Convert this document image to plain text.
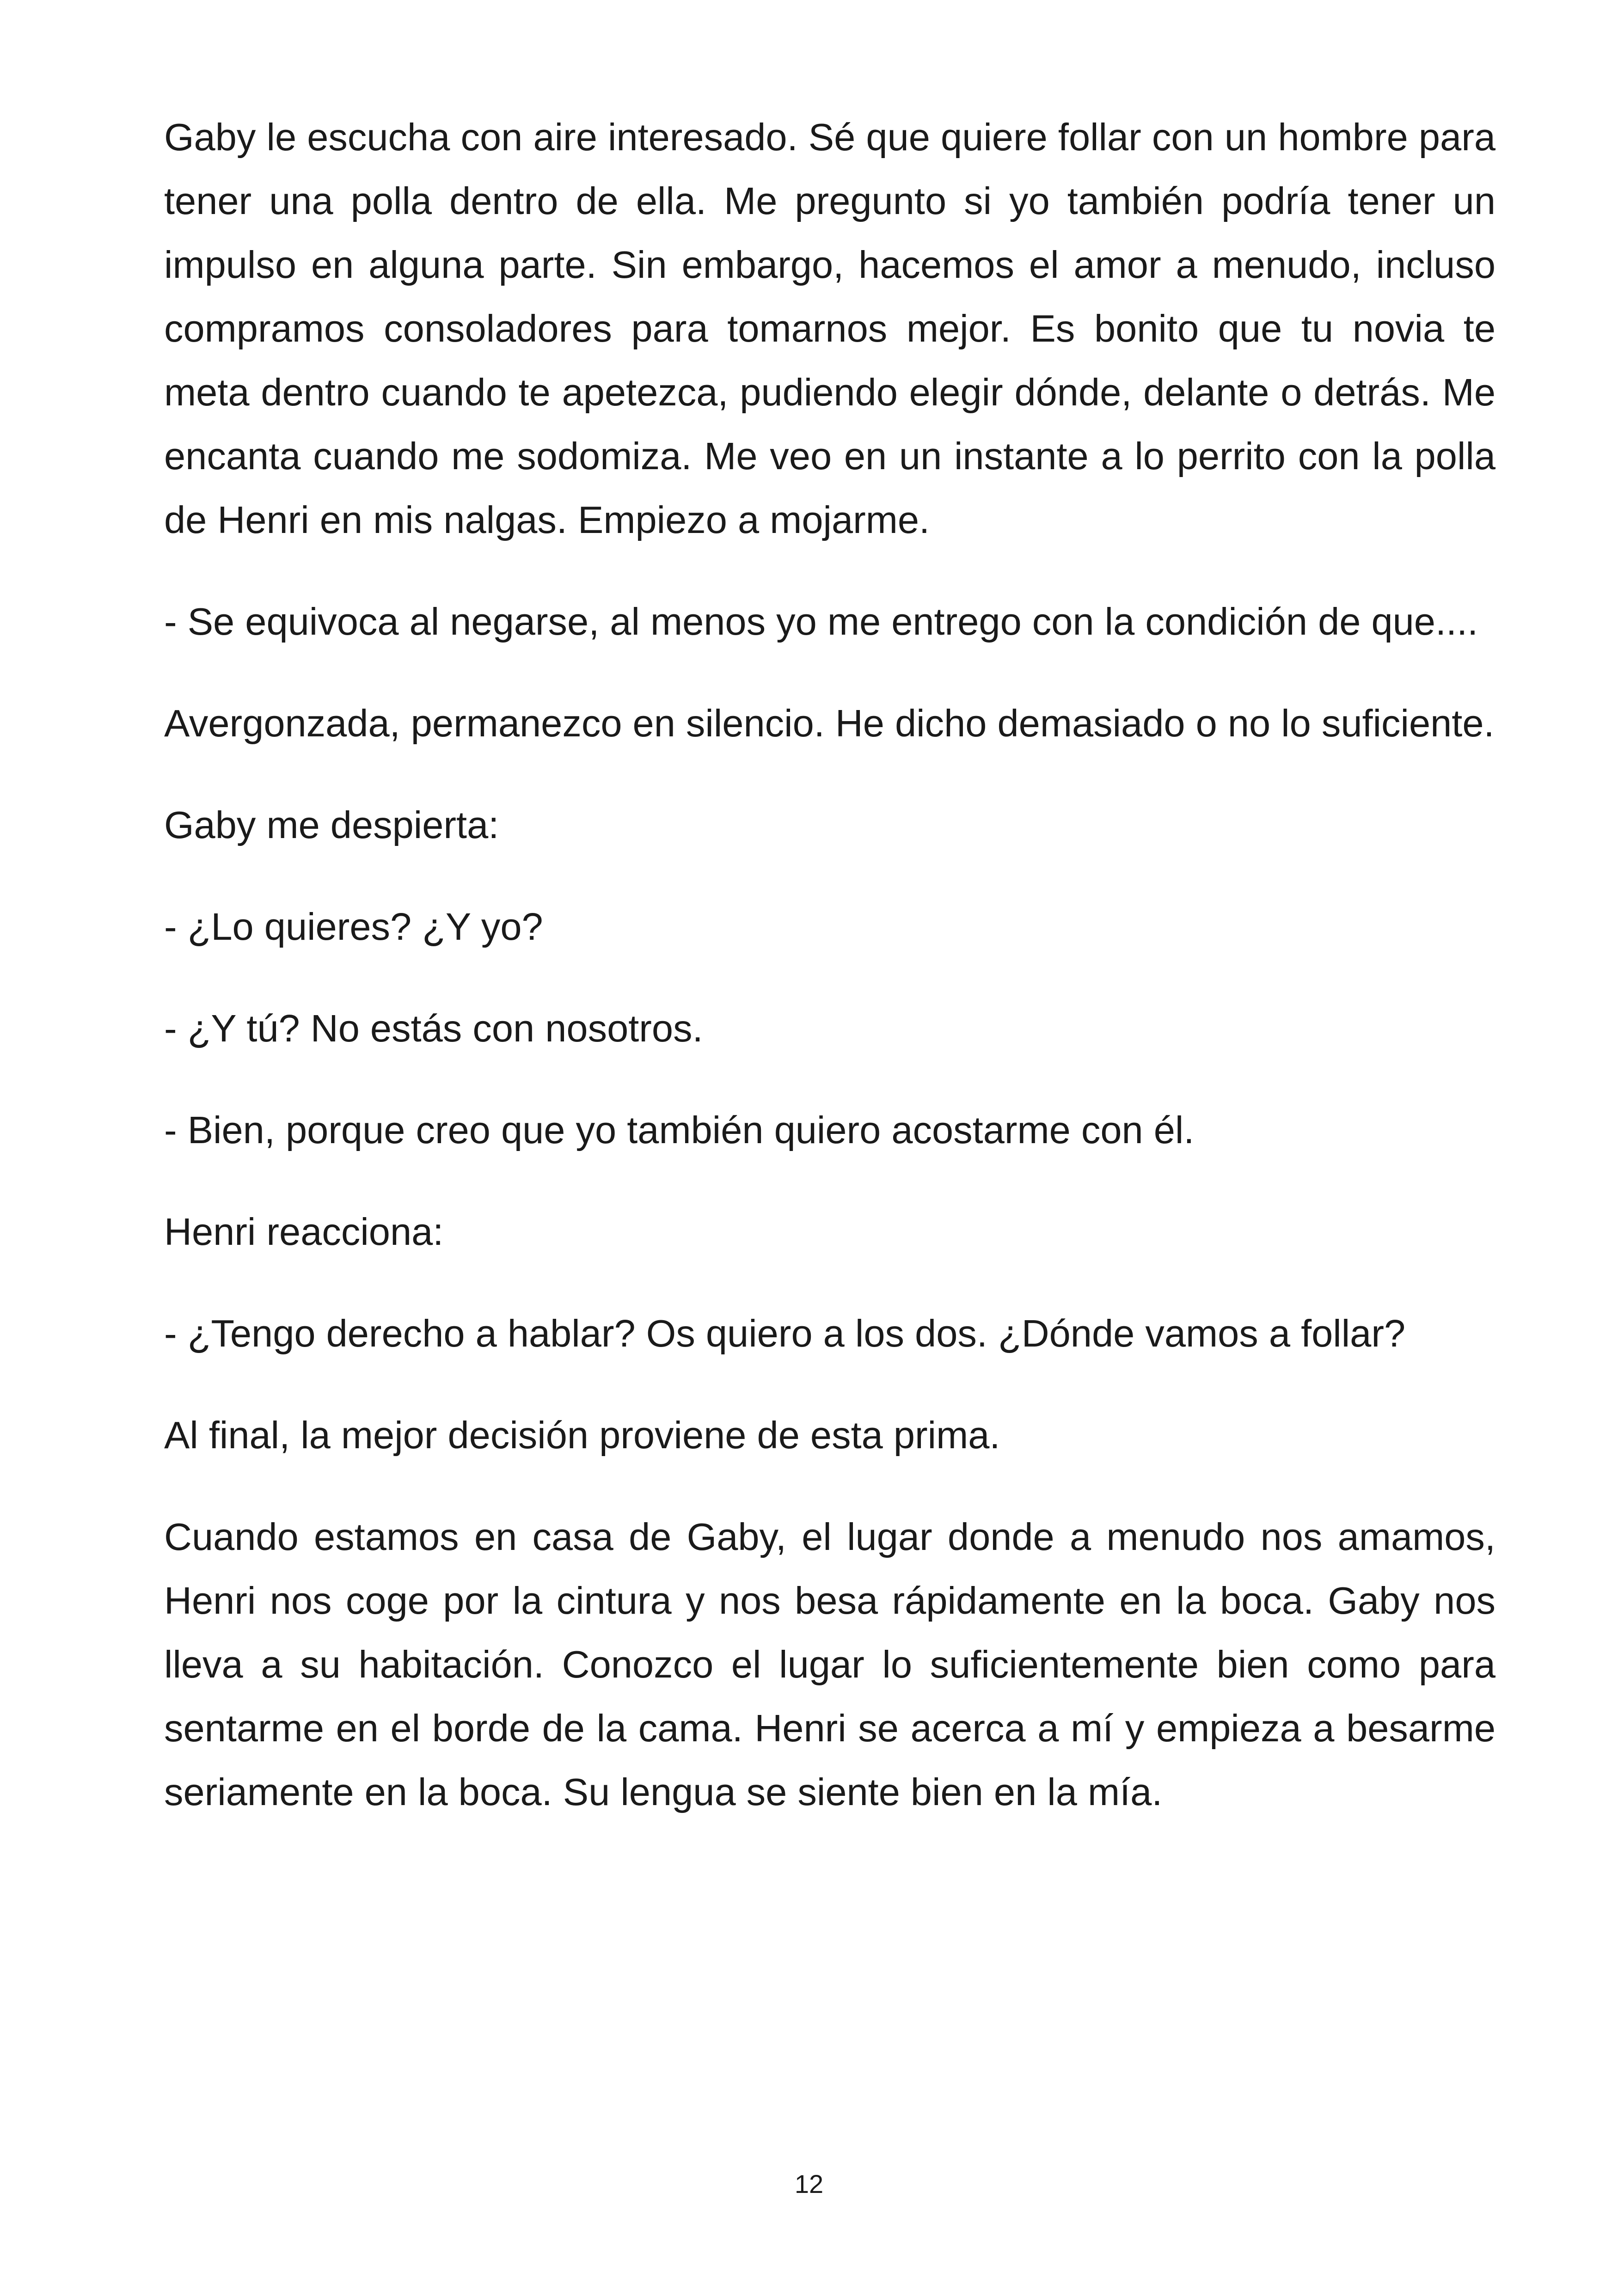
Gaby le escucha con aire interesado. Sé que quiere follar con un hombre para tener una polla dentro de ella. Me pregunto si yo también podría tener un impulso en alguna parte. Sin embargo, hacemos el amor a menudo, incluso compramos consoladores para tomarnos mejor. Es bonito que tu novia te meta dentro cuando te apetezca, pudiendo elegir dónde, delante o detrás. Me encanta cuando me sodomiza. Me veo en un instante a lo perrito con la polla de Henri en mis nalgas. Empiezo a mojarme.

- Se equivoca al negarse, al menos yo me entrego con la condición de que....

Avergonzada, permanezco en silencio. He dicho demasiado o no lo suficiente.

Gaby me despierta:

- ¿Lo quieres? ¿Y yo?

- ¿Y tú? No estás con nosotros.

- Bien, porque creo que yo también quiero acostarme con él.

Henri reacciona:

- ¿Tengo derecho a hablar? Os quiero a los dos. ¿Dónde vamos a follar?

Al final, la mejor decisión proviene de esta prima.

Cuando estamos en casa de Gaby, el lugar donde a menudo nos amamos, Henri nos coge por la cintura y nos besa rápidamente en la boca. Gaby nos lleva a su habitación. Conozco el lugar lo suficientemente bien como para sentarme en el borde de la cama. Henri se acerca a mí y empieza a besarme seriamente en la boca. Su lengua se siente bien en la mía.

12
